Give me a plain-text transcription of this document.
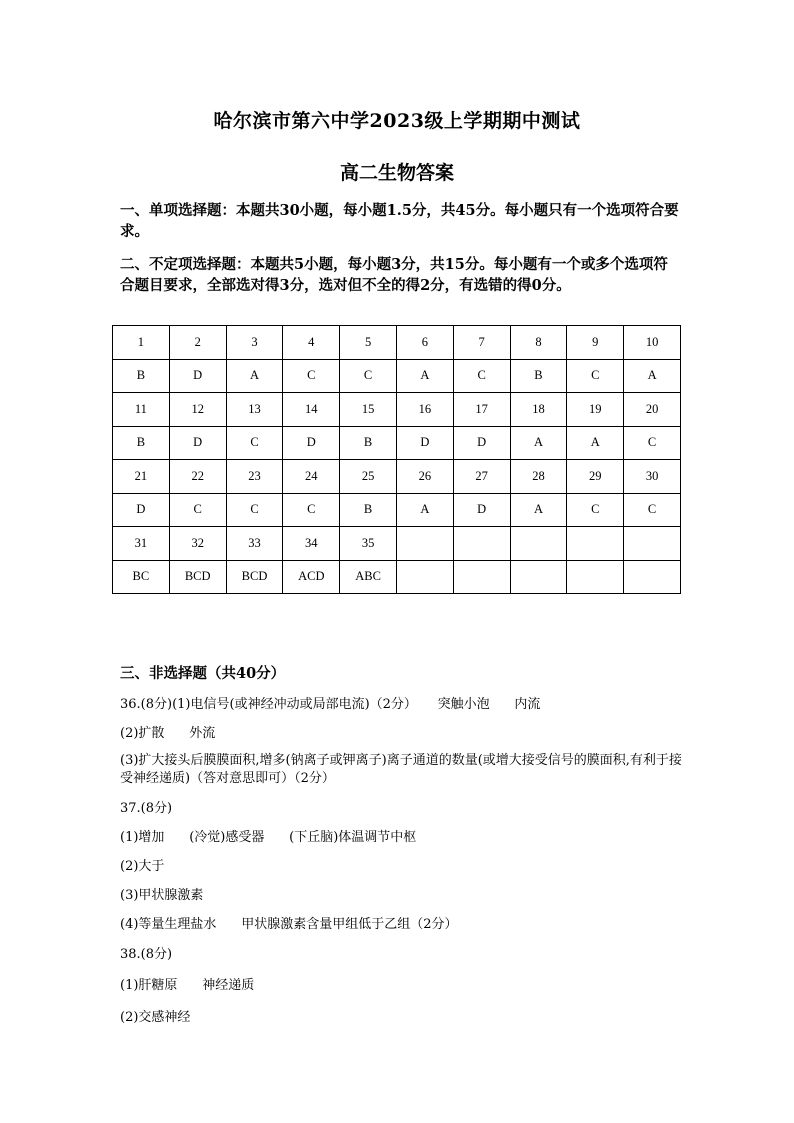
哈尔滨市第六中学2023级上学期期中测试
高二生物答案
一、单项选择题：本题共30小题，每小题1.5分，共45分。每小题只有一个选项符合要求。
二、不定项选择题：本题共5小题，每小题3分，共15分。每小题有一个或多个选项符合题目要求，全部选对得3分，选对但不全的得2分，有选错的得0分。
1	2	3	4	5	6	7	8	9	10
B	D	A	C	C	A	C	B	C	A
11	12	13	14	15	16	17	18	19	20
B	D	C	D	B	D	D	A	A	C
21	22	23	24	25	26	27	28	29	30
D	C	C	C	B	A	D	A	C	C
31	32	33	34	35					
BC	BCD	BCD	ACD	ABC					
三、非选择题（共40分）
36.(8分)(1)电信号(或神经冲动或局部电流)（2分）     突触小泡      内流
(2)扩散      外流
(3)扩大接头后膜膜面积,增多(钠离子或钾离子)离子通道的数量(或增大接受信号的膜面积,有利于接受神经递质)（答对意思即可）（2分）
37.(8分)
(1)增加      (冷觉)感受器      (下丘脑)体温调节中枢
(2)大于
(3)甲状腺激素
(4)等量生理盐水      甲状腺激素含量甲组低于乙组（2分）
38.(8分)
(1)肝糖原      神经递质
(2)交感神经
